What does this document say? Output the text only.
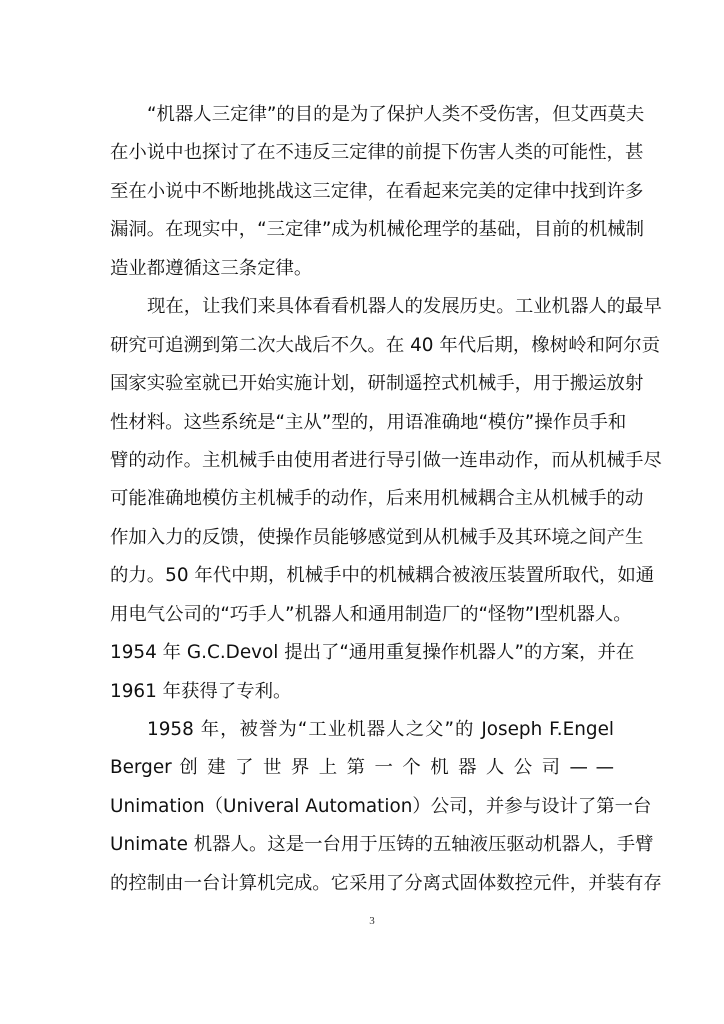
“机器人三定律”的目的是为了保护人类不受伤害，但艾西莫夫
在小说中也探讨了在不违反三定律的前提下伤害人类的可能性，甚
至在小说中不断地挑战这三定律，在看起来完美的定律中找到许多
漏洞。在现实中，“三定律”成为机械伦理学的基础，目前的机械制
造业都遵循这三条定律。
现在，让我们来具体看看机器人的发展历史。工业机器人的最早
研究可追溯到第二次大战后不久。在 40 年代后期，橡树岭和阿尔贡
国家实验室就已开始实施计划，研制遥控式机械手，用于搬运放射
性材料。这些系统是“主从”型的，用语准确地“模仿”操作员手和
臂的动作。主机械手由使用者进行导引做一连串动作，而从机械手尽
可能准确地模仿主机械手的动作，后来用机械耦合主从机械手的动
作加入力的反馈，使操作员能够感觉到从机械手及其环境之间产生
的力。50 年代中期，机械手中的机械耦合被液压装置所取代，如通
用电气公司的“巧手人”机器人和通用制造厂的“怪物”Ⅰ型机器人。
1954 年 G.C.Devol 提出了“通用重复操作机器人”的方案，并在
1961 年获得了专利。
1958 年，被誉为“工业机器人之父”的 Joseph F.Engel
Berger 创 建 了 世 界 上 第 一 个 机 器 人 公 司 — —
Unimation（Univeral Automation）公司，并参与设计了第一台
Unimate 机器人。这是一台用于压铸的五轴液压驱动机器人，手臂
的控制由一台计算机完成。它采用了分离式固体数控元件，并装有存
3
